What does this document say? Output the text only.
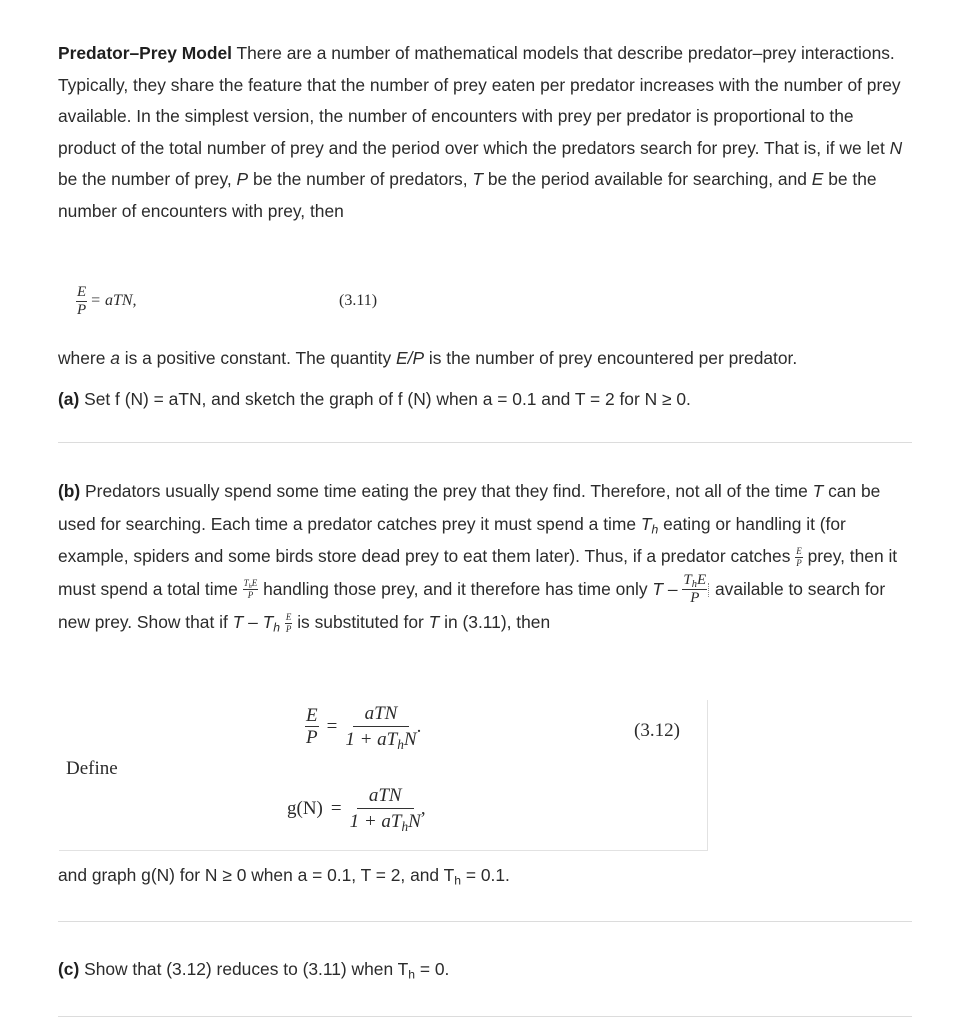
Predator–Prey Model There are a number of mathematical models that describe predator–prey interactions. Typically, they share the feature that the number of prey eaten per predator increases with the number of prey available. In the simplest version, the number of encounters with prey per predator is proportional to the product of the total number of prey and the period over which the predators search for prey. That is, if we let N be the number of prey, P be the number of predators, T be the period available for searching, and E be the number of encounters with prey, then
$\frac{E}{P}$ = aTN,	(3.11)
where a is a positive constant. The quantity E/P is the number of prey encountered per predator.
(a) Set f (N) = aTN, and sketch the graph of f (N) when a = 0.1 and T = 2 for N ≥ 0.
(b) Predators usually spend some time eating the prey that they find. Therefore, not all of the time T can be used for searching. Each time a predator catches prey it must spend a time $T_h$ eating or handling it (for example, spiders and some birds store dead prey to eat them later). Thus, if a predator catches $\frac{E}{P}$ prey, then it must spend a total time $\frac{T_hE}{P}$ handling those prey, and it therefore has time only T – $\frac{T_hE}{P}$ available to search for new prey. Show that if T – $T_h \frac{E}{P}$ is substituted for T in (3.11), then
$\frac{E}{P} = \frac{\text{aTN}}{1 + aT_hN}$ .	(3.12)
Define
$g(N) = \frac{\text{aTN}}{1 + aT_hN}$ ,
and graph g(N) for N ≥ 0 when a = 0.1, T = 2, and $T_h = 0.1$.
(c) Show that (3.12) reduces to (3.11) when $T_h = 0$.
